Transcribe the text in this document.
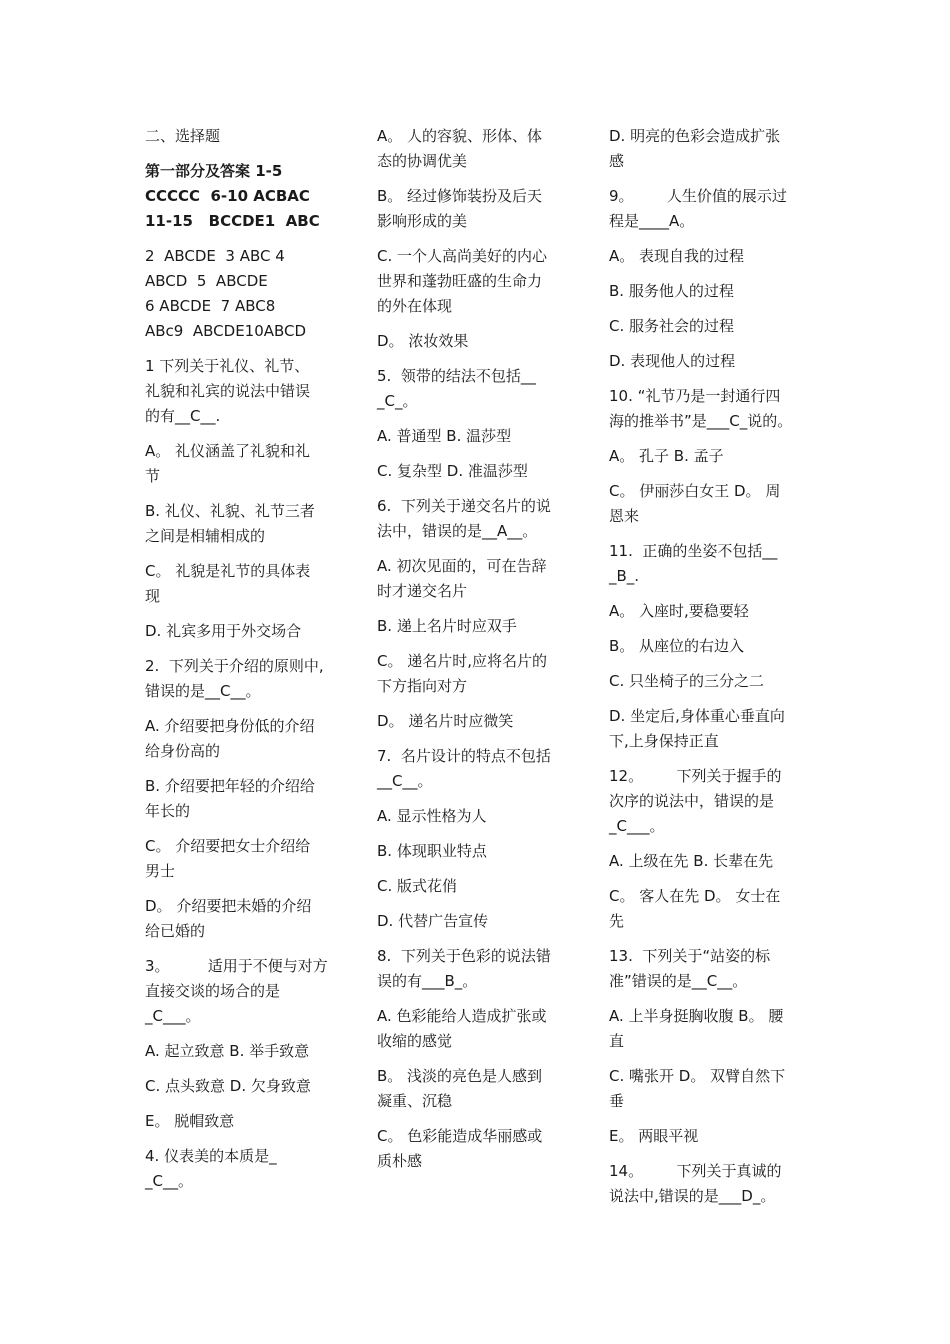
二、选择题
第一部分及答案 1-5
CCCCC  6-10 ACBAC
11-15   BCCDE1  ABC
2  ABCDE  3 ABC 4
ABCD  5  ABCDE
6 ABCDE  7 ABC8
ABc9  ABCDE10ABCD
1 下列关于礼仪、礼节、
礼貌和礼宾的说法中错误
的有__C__.
A。 礼仪涵盖了礼貌和礼
节
B. 礼仪、礼貌、礼节三者
之间是相辅相成的
C。 礼貌是礼节的具体表
现
D. 礼宾多用于外交场合
2.  下列关于介绍的原则中,
错误的是__C__。
A. 介绍要把身份低的介绍
给身份高的
B. 介绍要把年轻的介绍给
年长的
C。 介绍要把女士介绍给
男士
D。 介绍要把未婚的介绍
给已婚的
3。        适用于不便与对方
直接交谈的场合的是
_C___。
A. 起立致意 B. 举手致意
C. 点头致意 D. 欠身致意
E。 脱帽致意
4. 仪表美的本质是_
_C__。
A。 人的容貌、形体、体
态的协调优美
B。 经过修饰装扮及后天
影响形成的美
C. 一个人高尚美好的内心
世界和蓬勃旺盛的生命力
的外在体现
D。 浓妆效果
5.  领带的结法不包括__
_C_。
A. 普通型 B. 温莎型
C. 复杂型 D. 准温莎型
6.  下列关于递交名片的说
法中，错误的是__A__。
A. 初次见面的，可在告辞
时才递交名片
B. 递上名片时应双手
C。 递名片时,应将名片的
下方指向对方
D。 递名片时应微笑
7.  名片设计的特点不包括
__C__。
A. 显示性格为人
B. 体现职业特点
C. 版式花俏
D. 代替广告宣传
8.  下列关于色彩的说法错
误的有___B_。
A. 色彩能给人造成扩张或
收缩的感觉
B。 浅淡的亮色是人感到
凝重、沉稳
C。 色彩能造成华丽感或
质朴感
D. 明亮的色彩会造成扩张
感
9。       人生价值的展示过
程是____A。
A。 表现自我的过程
B. 服务他人的过程
C. 服务社会的过程
D. 表现他人的过程
10. “礼节乃是一封通行四
海的推举书”是___C_说的。
A。 孔子 B. 孟子
C。 伊丽莎白女王 D。 周
恩来
11.  正确的坐姿不包括__
_B_.
A。 入座时,要稳要轻
B。 从座位的右边入
C. 只坐椅子的三分之二
D. 坐定后,身体重心垂直向
下,上身保持正直
12。       下列关于握手的
次序的说法中，错误的是
_C___。
A. 上级在先 B. 长辈在先
C。 客人在先 D。 女士在
先
13.  下列关于“站姿的标
准”错误的是__C__。
A. 上半身挺胸收腹 B。 腰
直
C. 嘴张开 D。 双臂自然下
垂
E。 两眼平视
14。       下列关于真诚的
说法中,错误的是___D_。
